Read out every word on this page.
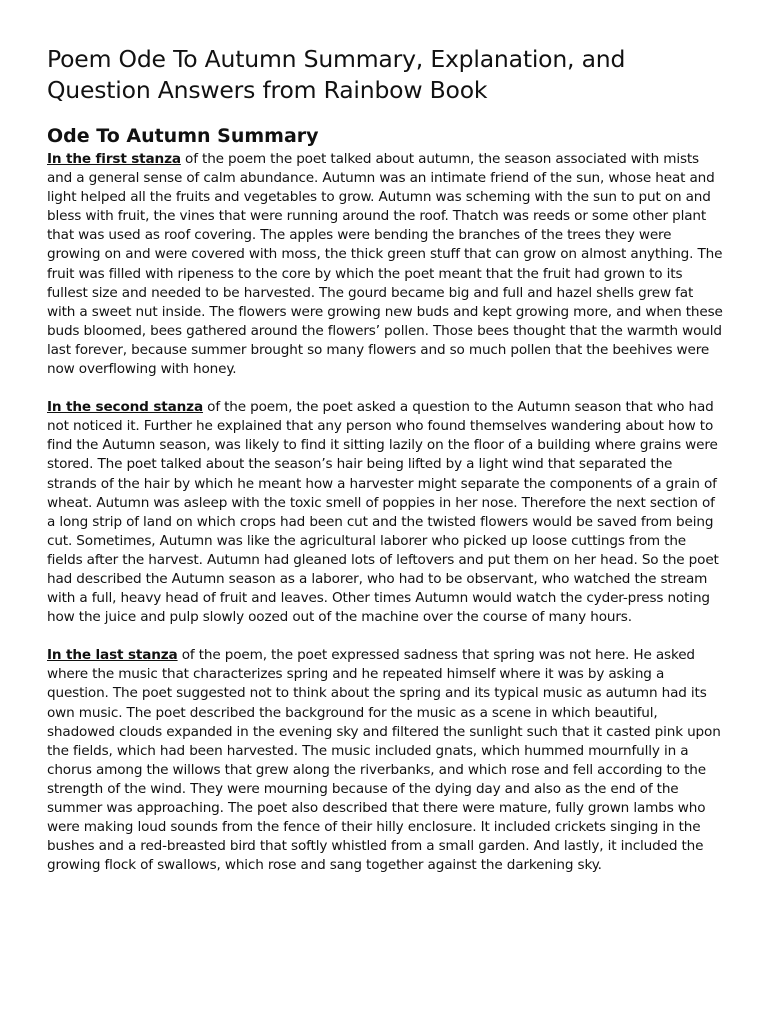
Poem Ode To Autumn Summary, Explanation, and Question Answers from Rainbow Book
Ode To Autumn Summary

In the first stanza of the poem the poet talked about autumn, the season associated with mists and a general sense of calm abundance. Autumn was an intimate friend of the sun, whose heat and light helped all the fruits and vegetables to grow. Autumn was scheming with the sun to put on and bless with fruit, the vines that were running around the roof. Thatch was reeds or some other plant that was used as roof covering. The apples were bending the branches of the trees they were growing on and were covered with moss, the thick green stuff that can grow on almost anything. The fruit was filled with ripeness to the core by which the poet meant that the fruit had grown to its fullest size and needed to be harvested. The gourd became big and full and hazel shells grew fat with a sweet nut inside. The flowers were growing new buds and kept growing more, and when these buds bloomed, bees gathered around the flowers’ pollen. Those bees thought that the warmth would last forever, because summer brought so many flowers and so much pollen that the beehives were now overflowing with honey.

In the second stanza of the poem, the poet asked a question to the Autumn season that who had not noticed it. Further he explained that any person who found themselves wandering about how to find the Autumn season, was likely to find it sitting lazily on the floor of a building where grains were stored. The poet talked about the season’s hair being lifted by a light wind that separated the strands of the hair by which he meant how a harvester might separate the components of a grain of wheat. Autumn was asleep with the toxic smell of poppies in her nose. Therefore the next section of a long strip of land on which crops had been cut and the twisted flowers would be saved from being cut. Sometimes, Autumn was like the agricultural laborer who picked up loose cuttings from the fields after the harvest. Autumn had gleaned lots of leftovers and put them on her head. So the poet had described the Autumn season as a laborer, who had to be observant, who watched the stream with a full, heavy head of fruit and leaves. Other times Autumn would watch the cyder-press noting how the juice and pulp slowly oozed out of the machine over the course of many hours.

In the last stanza of the poem, the poet expressed sadness that spring was not here. He asked where the music that characterizes spring and he repeated himself where it was by asking a question. The poet suggested not to think about the spring and its typical music as autumn had its own music. The poet described the background for the music as a scene in which beautiful, shadowed clouds expanded in the evening sky and filtered the sunlight such that it casted pink upon the fields, which had been harvested. The music included gnats, which hummed mournfully in a chorus among the willows that grew along the riverbanks, and which rose and fell according to the strength of the wind. They were mourning because of the dying day and also as the end of the summer was approaching. The poet also described that there were mature, fully grown lambs who were making loud sounds from the fence of their hilly enclosure. It included crickets singing in the bushes and a red-breasted bird that softly whistled from a small garden. And lastly, it included the growing flock of swallows, which rose and sang together against the darkening sky.
